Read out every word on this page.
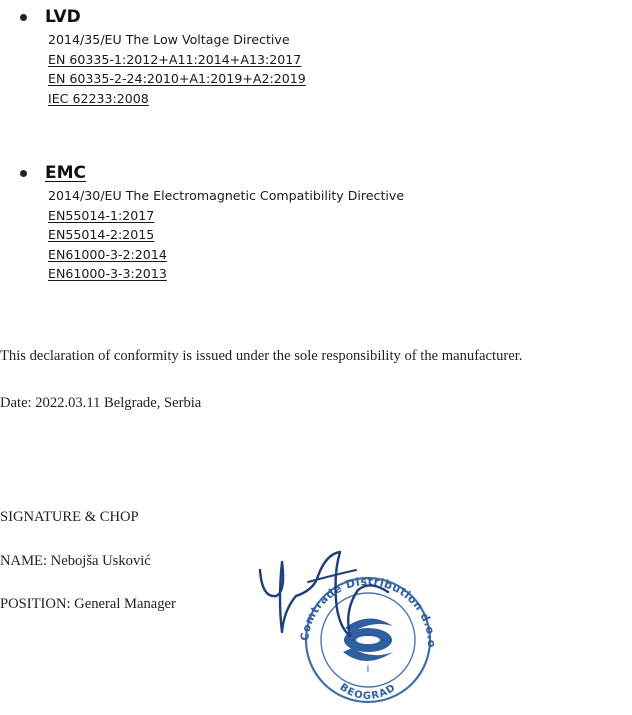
LVD
2014/35/EU The Low Voltage Directive
EN 60335-1:2012+A11:2014+A13:2017
EN 60335-2-24:2010+A1:2019+A2:2019
IEC 62233:2008
EMC
2014/30/EU The Electromagnetic Compatibility Directive
EN55014-1:2017
EN55014-2:2015
EN61000-3-2:2014
EN61000-3-3:2013
This declaration of conformity is issued under the sole responsibility of the manufacturer.
Date: 2022.03.11 Belgrade, Serbia
SIGNATURE & CHOP
NAME: Nebojša Usković
POSITION: General Manager
Comtrade Distribution d.o.o
BEOGRAD
I
